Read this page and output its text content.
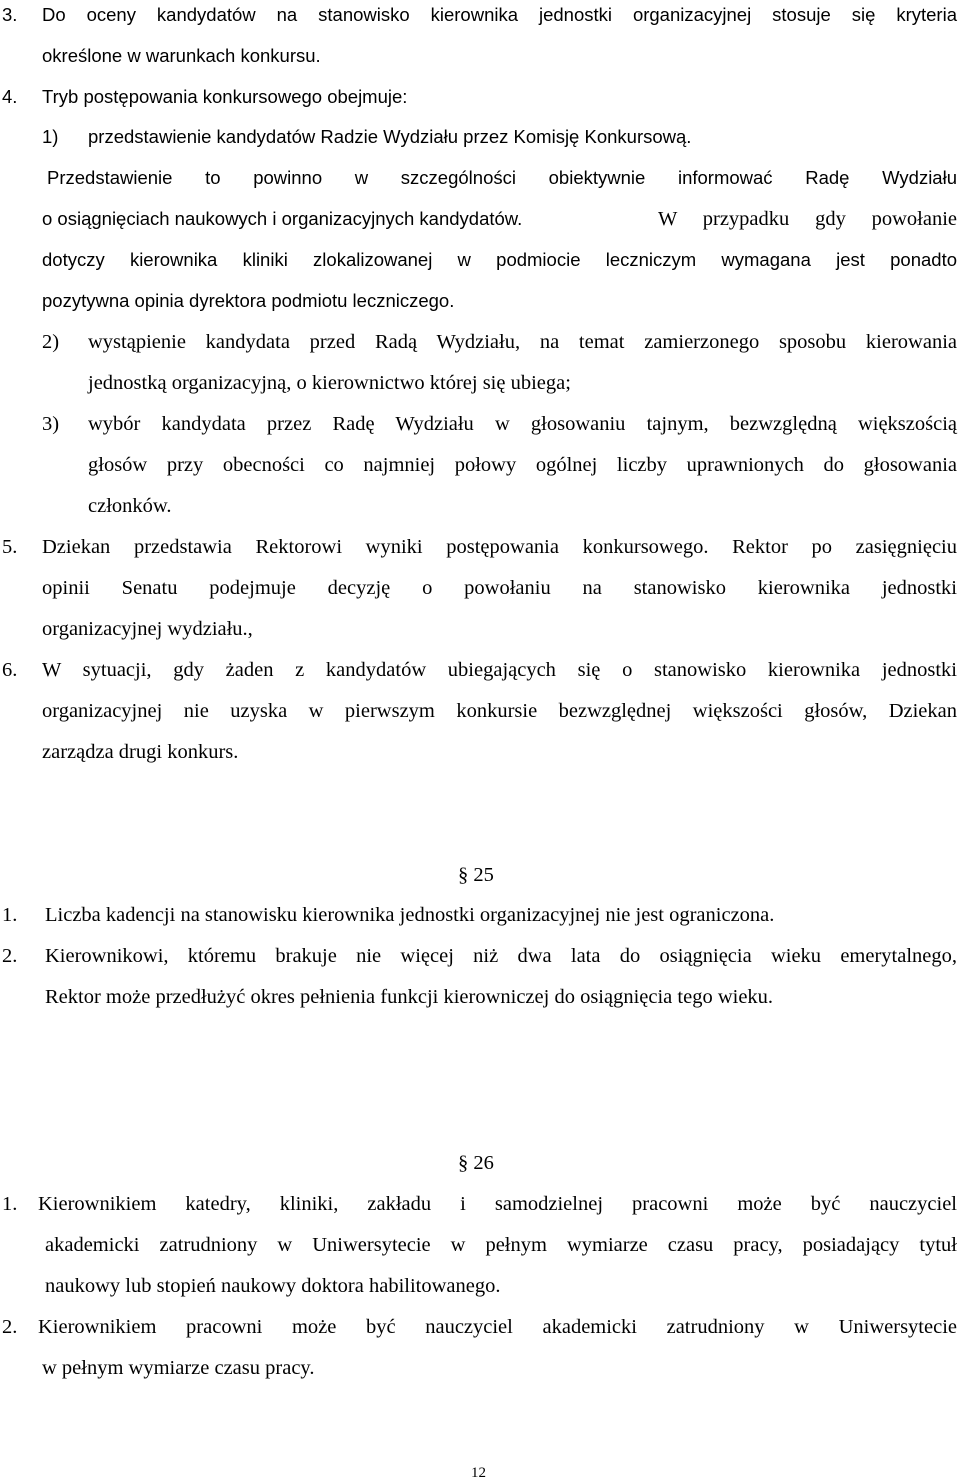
3. Do oceny kandydatów na stanowisko kierownika jednostki organizacyjnej stosuje się kryteria
określone w warunkach konkursu.
4. Tryb postępowania konkursowego obejmuje:
1) przedstawienie kandydatów Radzie Wydziału przez Komisję Konkursową.
Przedstawienie to powinno w szczególności obiektywnie informować Radę Wydziału
o osiągnięciach naukowych i organizacyjnych kandydatów.	W przypadku gdy powołanie
dotyczy kierownika kliniki zlokalizowanej w podmiocie leczniczym wymagana jest ponadto
pozytywna opinia dyrektora podmiotu leczniczego.
2) wystąpienie kandydata przed Radą Wydziału, na temat zamierzonego sposobu kierowania
jednostką organizacyjną, o kierownictwo której się ubiega;
3) wybór kandydata przez Radę Wydziału w głosowaniu tajnym, bezwzględną większością
głosów przy obecności co najmniej połowy ogólnej liczby uprawnionych do głosowania
członków.
5. Dziekan przedstawia Rektorowi wyniki postępowania konkursowego. Rektor po zasięgnięciu
opinii Senatu podejmuje decyzję o powołaniu na stanowisko kierownika jednostki
organizacyjnej wydziału.,
6. W sytuacji, gdy żaden z kandydatów ubiegających się o stanowisko kierownika jednostki
organizacyjnej nie uzyska w pierwszym konkursie bezwzględnej większości głosów, Dziekan
zarządza drugi konkurs.
§ 25
1. Liczba kadencji na stanowisku kierownika jednostki organizacyjnej nie jest ograniczona.
2. Kierownikowi, któremu brakuje nie więcej niż dwa lata do osiągnięcia wieku emerytalnego,
Rektor może przedłużyć okres pełnienia funkcji kierowniczej do osiągnięcia tego wieku.
§ 26
1. Kierownikiem katedry, kliniki, zakładu i samodzielnej pracowni może być nauczyciel
akademicki zatrudniony w Uniwersytecie w pełnym wymiarze czasu pracy, posiadający tytuł
naukowy lub stopień naukowy doktora habilitowanego.
2. Kierownikiem pracowni może być nauczyciel akademicki zatrudniony w Uniwersytecie
w pełnym wymiarze czasu pracy.
12
